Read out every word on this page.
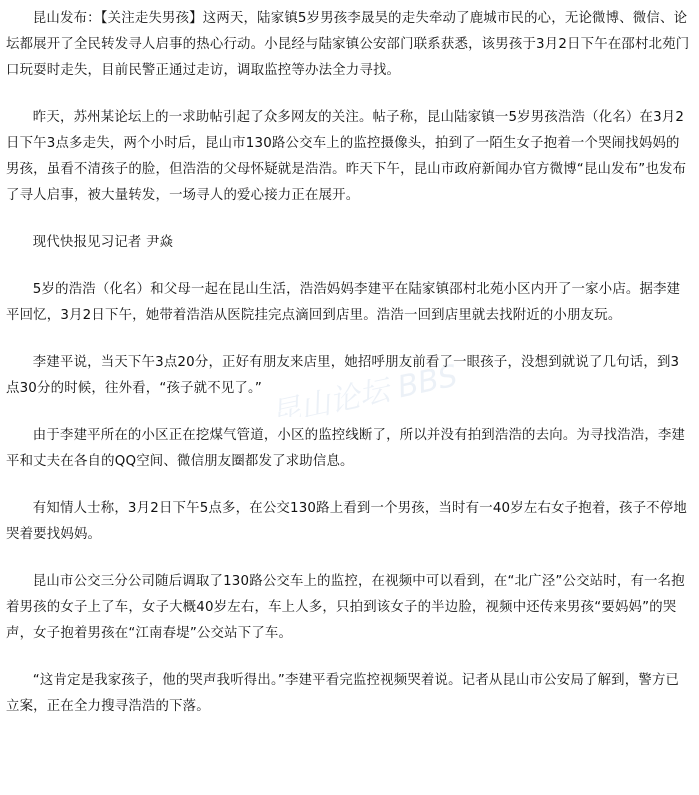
昆山发布：【关注走失男孩】这两天，陆家镇5岁男孩李晟昊的走失牵动了鹿城市民的心，无论微博、微信、论坛都展开了全民转发寻人启事的热心行动。小昆经与陆家镇公安部门联系获悉，该男孩于3月2日下午在邵村北苑门口玩耍时走失，目前民警正通过走访，调取监控等办法全力寻找。

昨天，苏州某论坛上的一求助帖引起了众多网友的关注。帖子称，昆山陆家镇一5岁男孩浩浩（化名）在3月2日下午3点多走失，两个小时后，昆山市130路公交车上的监控摄像头，拍到了一陌生女子抱着一个哭闹找妈妈的男孩，虽看不清孩子的脸，但浩浩的父母怀疑就是浩浩。昨天下午，昆山市政府新闻办官方微博“昆山发布”也发布了寻人启事，被大量转发，一场寻人的爱心接力正在展开。

现代快报见习记者 尹焱

5岁的浩浩（化名）和父母一起在昆山生活，浩浩妈妈李建平在陆家镇邵村北苑小区内开了一家小店。据李建平回忆，3月2日下午，她带着浩浩从医院挂完点滴回到店里。浩浩一回到店里就去找附近的小朋友玩。

李建平说，当天下午3点20分，正好有朋友来店里，她招呼朋友前看了一眼孩子，没想到就说了几句话，到3点30分的时候，往外看，“孩子就不见了。”

由于李建平所在的小区正在挖煤气管道，小区的监控线断了，所以并没有拍到浩浩的去向。为寻找浩浩，李建平和丈夫在各自的QQ空间、微信朋友圈都发了求助信息。

有知情人士称，3月2日下午5点多，在公交130路上看到一个男孩，当时有一40岁左右女子抱着，孩子不停地哭着要找妈妈。

昆山市公交三分公司随后调取了130路公交车上的监控，在视频中可以看到，在“北广泾”公交站时，有一名抱着男孩的女子上了车，女子大概40岁左右，车上人多，只拍到该女子的半边脸，视频中还传来男孩“要妈妈”的哭声，女子抱着男孩在“江南春堤”公交站下了车。

“这肯定是我家孩子，他的哭声我听得出。”李建平看完监控视频哭着说。记者从昆山市公安局了解到，警方已立案，正在全力搜寻浩浩的下落。

昆山论坛 BBS
